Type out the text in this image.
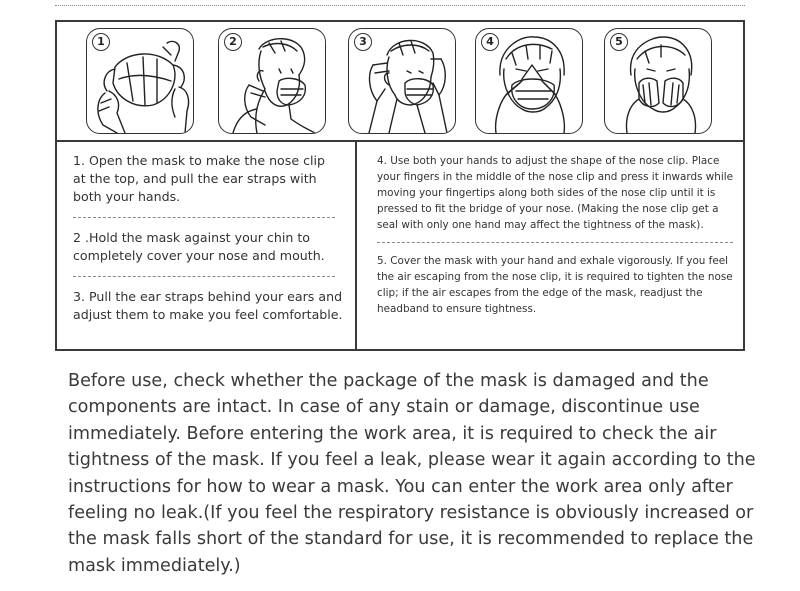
1	2	3	4	5

1. Open the mask to make the nose clip at the top, and pull the ear straps with both your hands.

2 .Hold the mask against your chin to completely cover your nose and mouth.

3. Pull the ear straps behind your ears and adjust them to make you feel comfortable.

4. Use both your hands to adjust the shape of the nose clip. Place your fingers in the middle of the nose clip and press it inwards while moving your fingertips along both sides of the nose clip until it is pressed to fit the bridge of your nose. (Making the nose clip get a seal with only one hand may affect the tightness of the mask).

5. Cover the mask with your hand and exhale vigorously. If you feel the air escaping from the nose clip, it is required to tighten the nose clip; if the air escapes from the edge of the mask, readjust the headband to ensure tightness.

Before use, check whether the package of the mask is damaged and the components are intact. In case of any stain or damage, discontinue use immediately. Before entering the work area, it is required to check the air tightness of the mask. If you feel a leak, please wear it again according to the instructions for how to wear a mask. You can enter the work area only after feeling no leak.(If you feel the respiratory resistance is obviously increased or the mask falls short of the standard for use, it is recommended to replace the mask immediately.)
